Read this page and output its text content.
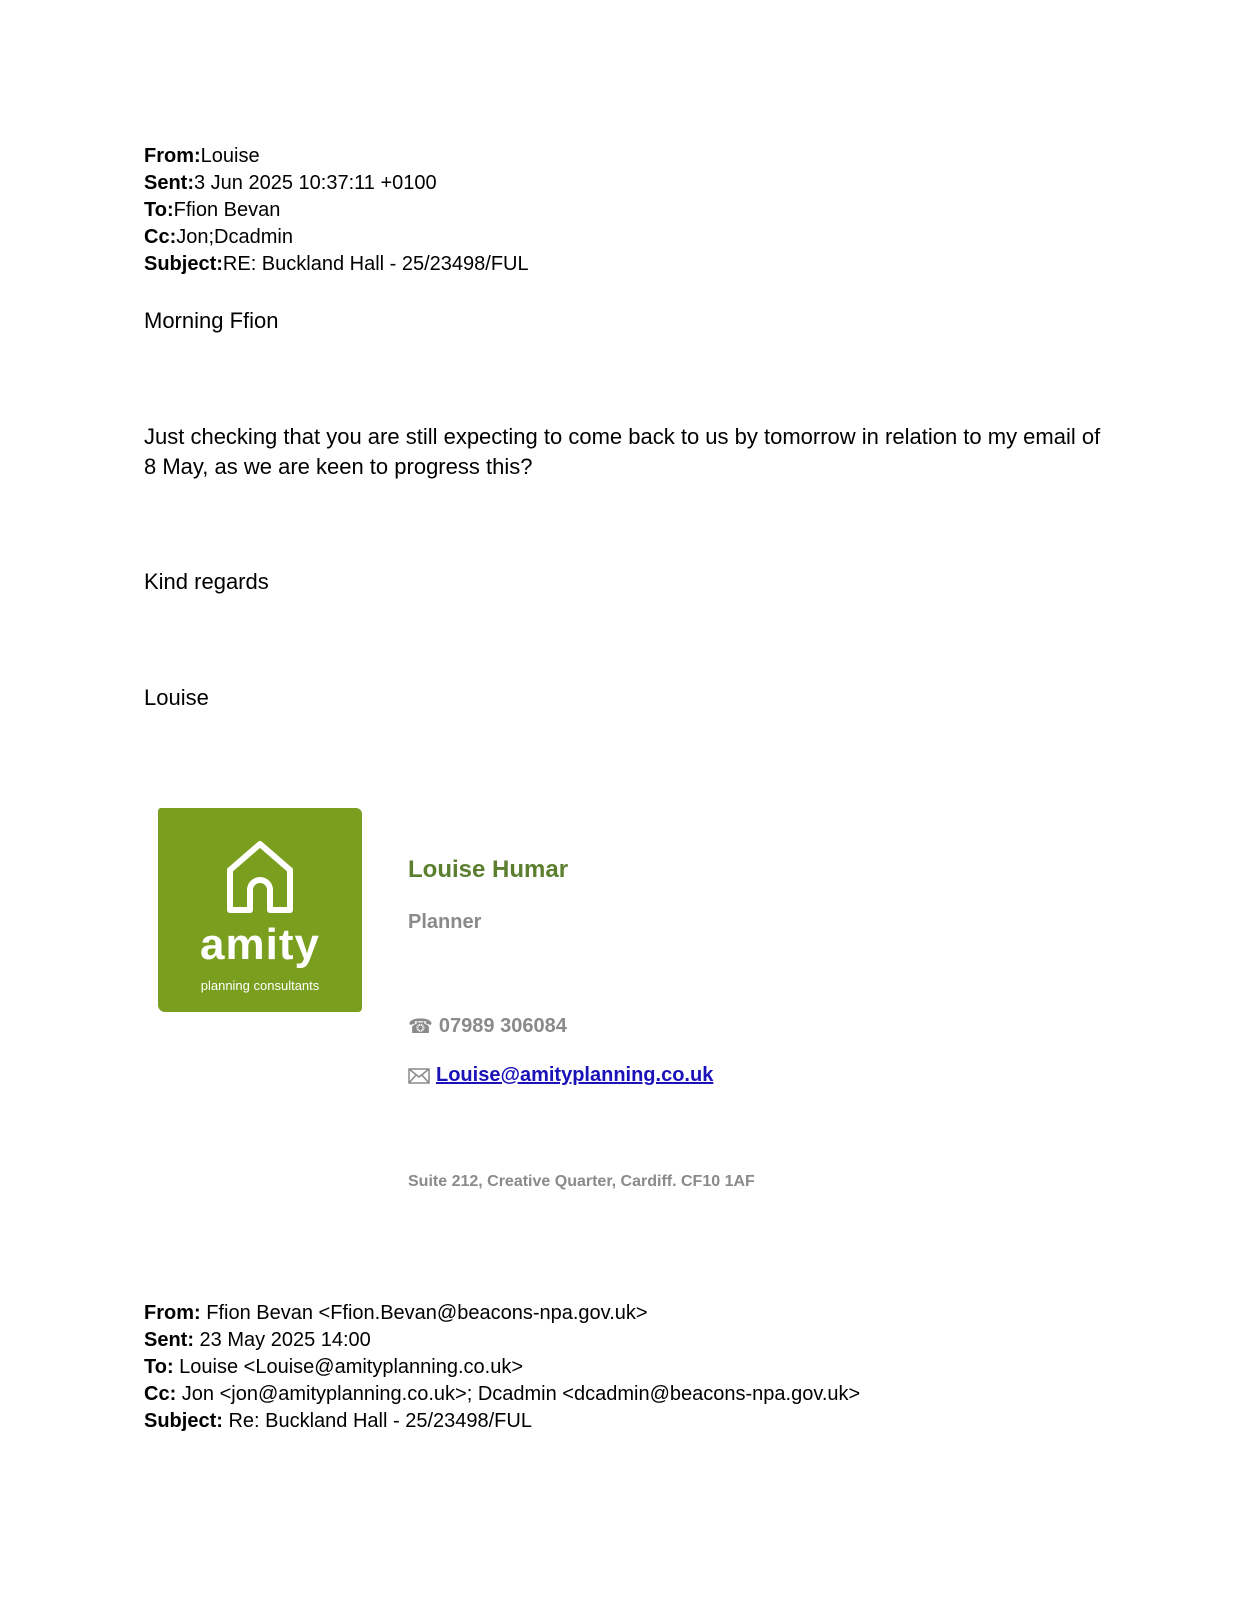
From:Louise
Sent:3 Jun 2025 10:37:11 +0100
To:Ffion Bevan
Cc:Jon;Dcadmin
Subject:RE: Buckland Hall - 25/23498/FUL
Morning Ffion
Just checking that you are still expecting to come back to us by tomorrow in relation to my email of 8 May, as we are keen to progress this?
Kind regards
Louise
amity
planning consultants
Louise Humar
Planner
☎ 07989 306084
Louise@amityplanning.co.uk
Suite 212, Creative Quarter, Cardiff. CF10 1AF
From: Ffion Bevan <Ffion.Bevan@beacons-npa.gov.uk>
Sent: 23 May 2025 14:00
To: Louise <Louise@amityplanning.co.uk>
Cc: Jon <jon@amityplanning.co.uk>; Dcadmin <dcadmin@beacons-npa.gov.uk>
Subject: Re: Buckland Hall - 25/23498/FUL
